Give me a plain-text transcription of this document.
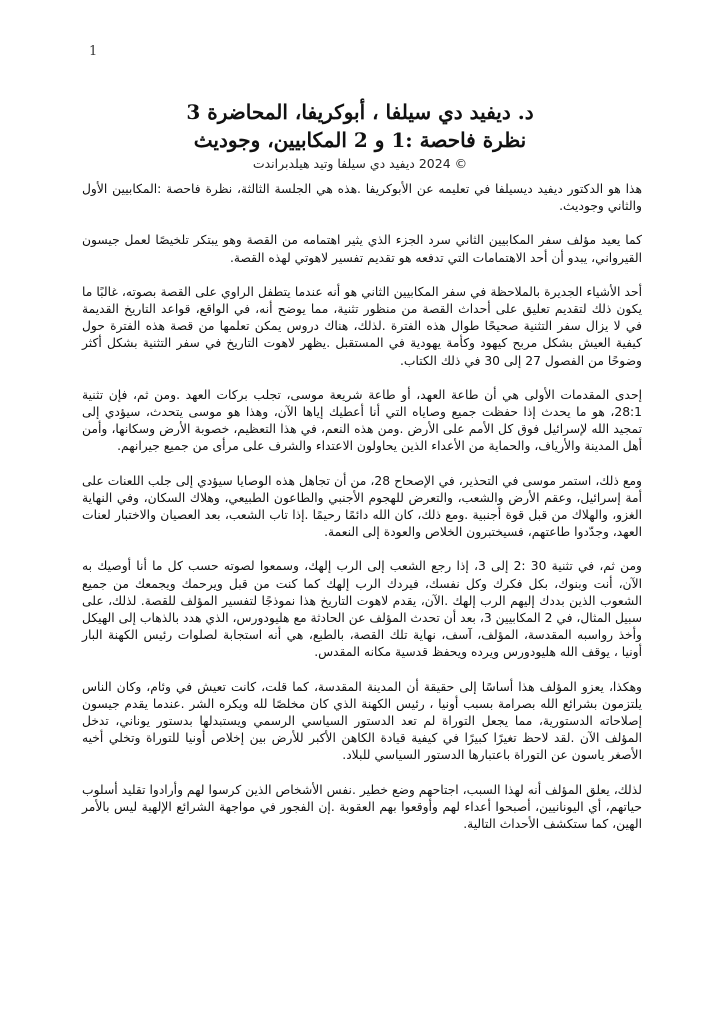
1
د. ديفيد دي سيلفا ، أبوكريفا، المحاضرة 3
نظرة فاحصة :1 و 2 المكابيين، وجوديث
© 2024 ديفيد دي سيلفا وتيد هيلدبراندت

هذا هو الدكتور ديفيد ديسيلفا في تعليمه عن الأبوكريفا .هذه هي الجلسة الثالثة، نظرة فاحصة :المكابيين الأول والثاني وجوديث.

كما يعيد مؤلف سفر المكابيين الثاني سرد الجزء الذي يثير اهتمامه من القصة وهو يبتكر تلخيصًا لعمل جيسون القيرواني، يبدو أن أحد الاهتمامات التي تدفعه هو تقديم تفسير لاهوتي لهذه القصة.

أحد الأشياء الجديرة بالملاحظة في سفر المكابيين الثاني هو أنه عندما يتطفل الراوي على القصة بصوته، غالبًا ما يكون ذلك لتقديم تعليق على أحداث القصة من منظور تثنية، مما يوضح أنه، في الواقع، قواعد التاريخ القديمة في لا يزال سفر التثنية صحيحًا طوال هذه الفترة .لذلك، هناك دروس يمكن تعلمها من قصة هذه الفترة حول كيفية العيش بشكل مربح كيهود وكأمة يهودية في المستقبل .يظهر لاهوت التاريخ في سفر التثنية بشكل أكثر وضوحًا من الفصول 27 إلى 30 في ذلك الكتاب.

إحدى المقدمات الأولى هي أن طاعة العهد، أو طاعة شريعة موسى، تجلب بركات العهد .ومن ثم، فإن تثنية 28:1، هو ما يحدث إذا حفظت جميع وصاياه التي أنا أعطيك إياها الآن، وهذا هو موسى يتحدث، سيؤدي إلى تمجيد الله لإسرائيل فوق كل الأمم على الأرض .ومن هذه النعم، في هذا التعظيم، خصوبة الأرض وسكانها، وأمن أهل المدينة والأرياف، والحماية من الأعداء الذين يحاولون الاعتداء والشرف على مرأى من جميع جيرانهم.

ومع ذلك، استمر موسى في التحذير، في الإصحاح 28، من أن تجاهل هذه الوصايا سيؤدي إلى جلب اللعنات على أمة إسرائيل، وعقم الأرض والشعب، والتعرض للهجوم الأجنبي والطاعون الطبيعي، وهلاك السكان، وفي النهاية الغزو، والهلاك من قبل قوة أجنبية .ومع ذلك، كان الله دائمًا رحيمًا .إذا تاب الشعب، بعد العصيان والاختبار لعنات العهد، وجدّدوا طاعتهم، فسيختبرون الخلاص والعودة إلى النعمة.

ومن ثم، في تثنية 30 :2 إلى 3، إذا رجع الشعب إلى الرب إلهك، وسمعوا لصوته حسب كل ما أنا أوصيك به الآن، أنت وبنوك، بكل فكرك وكل نفسك، فيردك الرب إلهك كما كنت من قبل ويرحمك ويجمعك من جميع الشعوب الذين بددك إليهم الرب إلهك .الآن، يقدم لاهوت التاريخ هذا نموذجًا لتفسير المؤلف للقصة. لذلك، على سبيل المثال، في 2 المكابيين 3، بعد أن تحدث المؤلف عن الحادثة مع هليودورس، الذي هدد بالذهاب إلى الهيكل وأخذ رواسبه المقدسة، المؤلف، آسف، نهاية تلك القصة، بالطبع، هي أنه استجابة لصلوات رئيس الكهنة البار أونيا ، يوقف الله هليودورس ويرده ويحفظ قدسية مكانه المقدس.

وهكذا، يعزو المؤلف هذا أساسًا إلى حقيقة أن المدينة المقدسة، كما قلت، كانت تعيش في وئام، وكان الناس يلتزمون بشرائع الله بصرامة بسبب أونيا ، رئيس الكهنة الذي كان مخلصًا لله ويكره الشر .عندما يقدم جيسون إصلاحاته الدستورية، مما يجعل التوراة لم تعد الدستور السياسي الرسمي ويستبدلها بدستور يوناني، تدخل المؤلف الآن .لقد لاحظ تغيرًا كبيرًا في كيفية قيادة الكاهن الأكبر للأرض بين إخلاص أونيا للتوراة وتخلي أخيه الأصغر ياسون عن التوراة باعتبارها الدستور السياسي للبلاد.

لذلك، يعلق المؤلف أنه لهذا السبب، اجتاحهم وضع خطير .نفس الأشخاص الذين كرسوا لهم وأرادوا تقليد أسلوب حياتهم، أي اليونانيين، أصبحوا أعداء لهم وأوقعوا بهم العقوبة .إن الفجور في مواجهة الشرائع الإلهية ليس بالأمر الهين، كما ستكشف الأحداث التالية.
